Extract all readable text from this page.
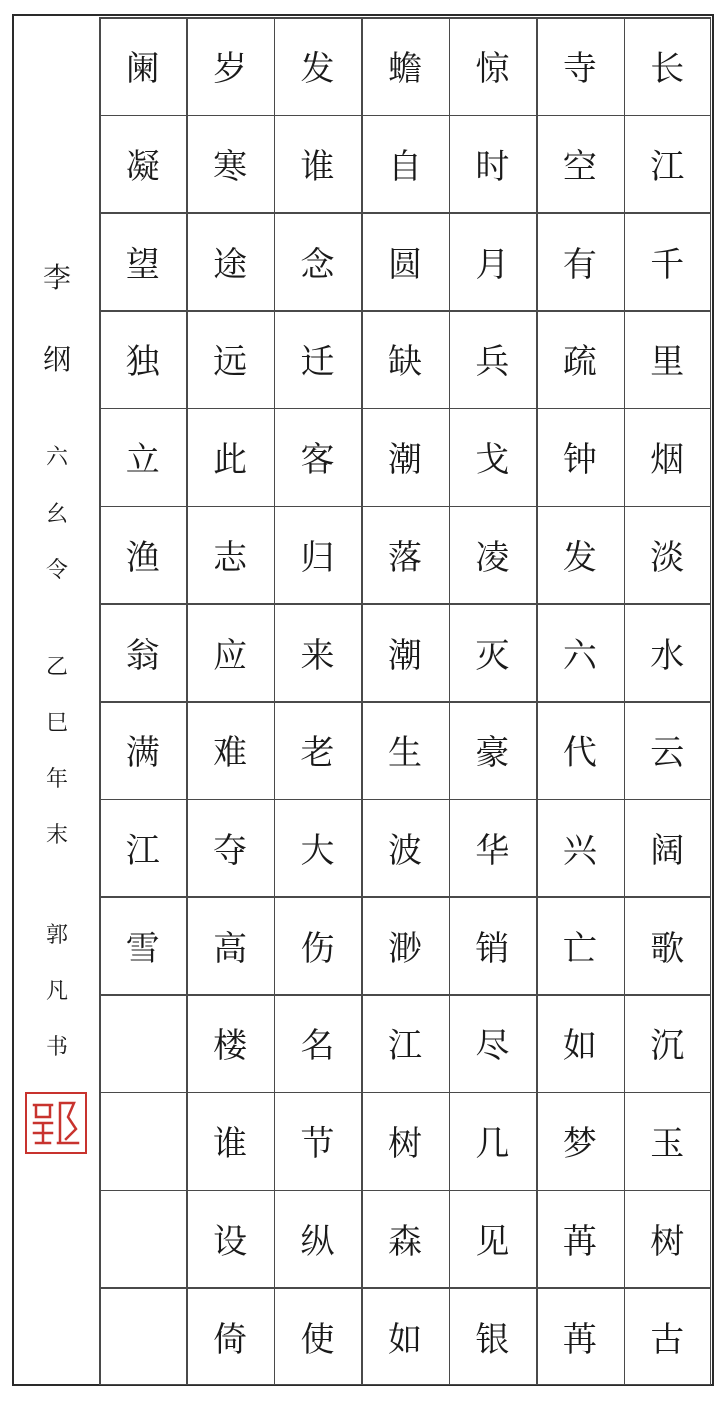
李
纲
六
幺
令
乙
巳
年
末
郭
凡
书
长
江
千
里
烟
淡
水
云
阔
歌
沉
玉
树
古
寺
空
有
疏
钟
发
六
代
兴
亡
如
梦
苒
苒
惊
时
月
兵
戈
凌
灭
豪
华
销
尽
几
见
银
蟾
自
圆
缺
潮
落
潮
生
波
渺
江
树
森
如
发
谁
念
迁
客
归
来
老
大
伤
名
节
纵
使
岁
寒
途
远
此
志
应
难
夺
高
楼
谁
设
倚
阑
凝
望
独
立
渔
翁
满
江
雪
